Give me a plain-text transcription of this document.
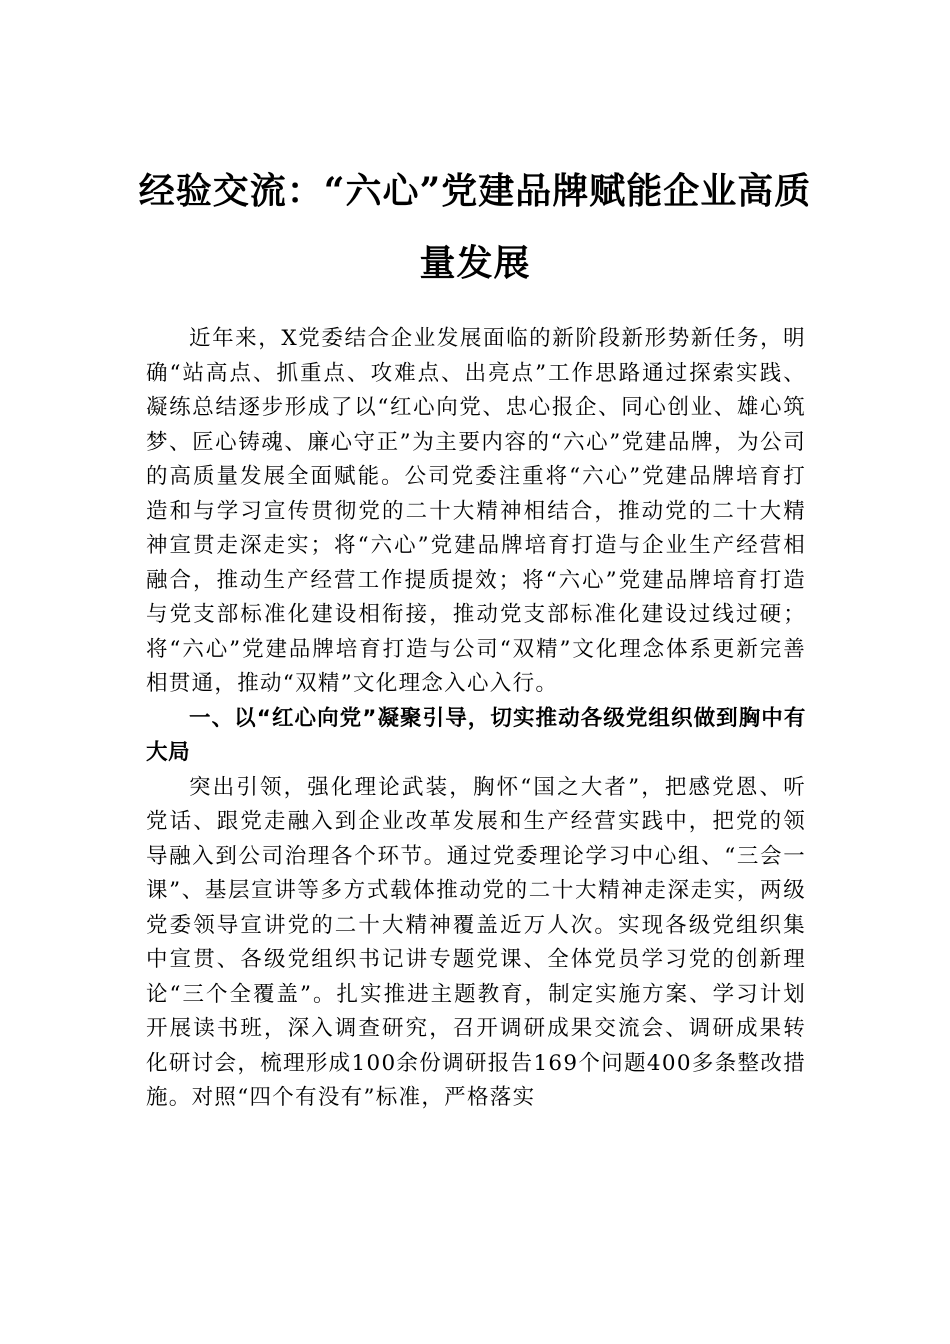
经验交流：“六心”党建品牌赋能企业高质量发展

近年来，X党委结合企业发展面临的新阶段新形势新任务，明确“站高点、抓重点、攻难点、出亮点”工作思路通过探索实践、凝练总结逐步形成了以“红心向党、忠心报企、同心创业、雄心筑梦、匠心铸魂、廉心守正”为主要内容的“六心”党建品牌，为公司的高质量发展全面赋能。公司党委注重将“六心”党建品牌培育打造和与学习宣传贯彻党的二十大精神相结合，推动党的二十大精神宣贯走深走实；将“六心”党建品牌培育打造与企业生产经营相融合，推动生产经营工作提质提效；将“六心”党建品牌培育打造与党支部标准化建设相衔接，推动党支部标准化建设过线过硬；将“六心”党建品牌培育打造与公司“双精”文化理念体系更新完善相贯通，推动“双精”文化理念入心入行。

一、以“红心向党”凝聚引导，切实推动各级党组织做到胸中有大局

突出引领，强化理论武装，胸怀“国之大者”，把感党恩、听党话、跟党走融入到企业改革发展和生产经营实践中，把党的领导融入到公司治理各个环节。通过党委理论学习中心组、“三会一课”、基层宣讲等多方式载体推动党的二十大精神走深走实，两级党委领导宣讲党的二十大精神覆盖近万人次。实现各级党组织集中宣贯、各级党组织书记讲专题党课、全体党员学习党的创新理论“三个全覆盖”。扎实推进主题教育，制定实施方案、学习计划开展读书班，深入调查研究，召开调研成果交流会、调研成果转化研讨会，梳理形成100余份调研报告169个问题400多条整改措施。对照“四个有没有”标准，严格落实
